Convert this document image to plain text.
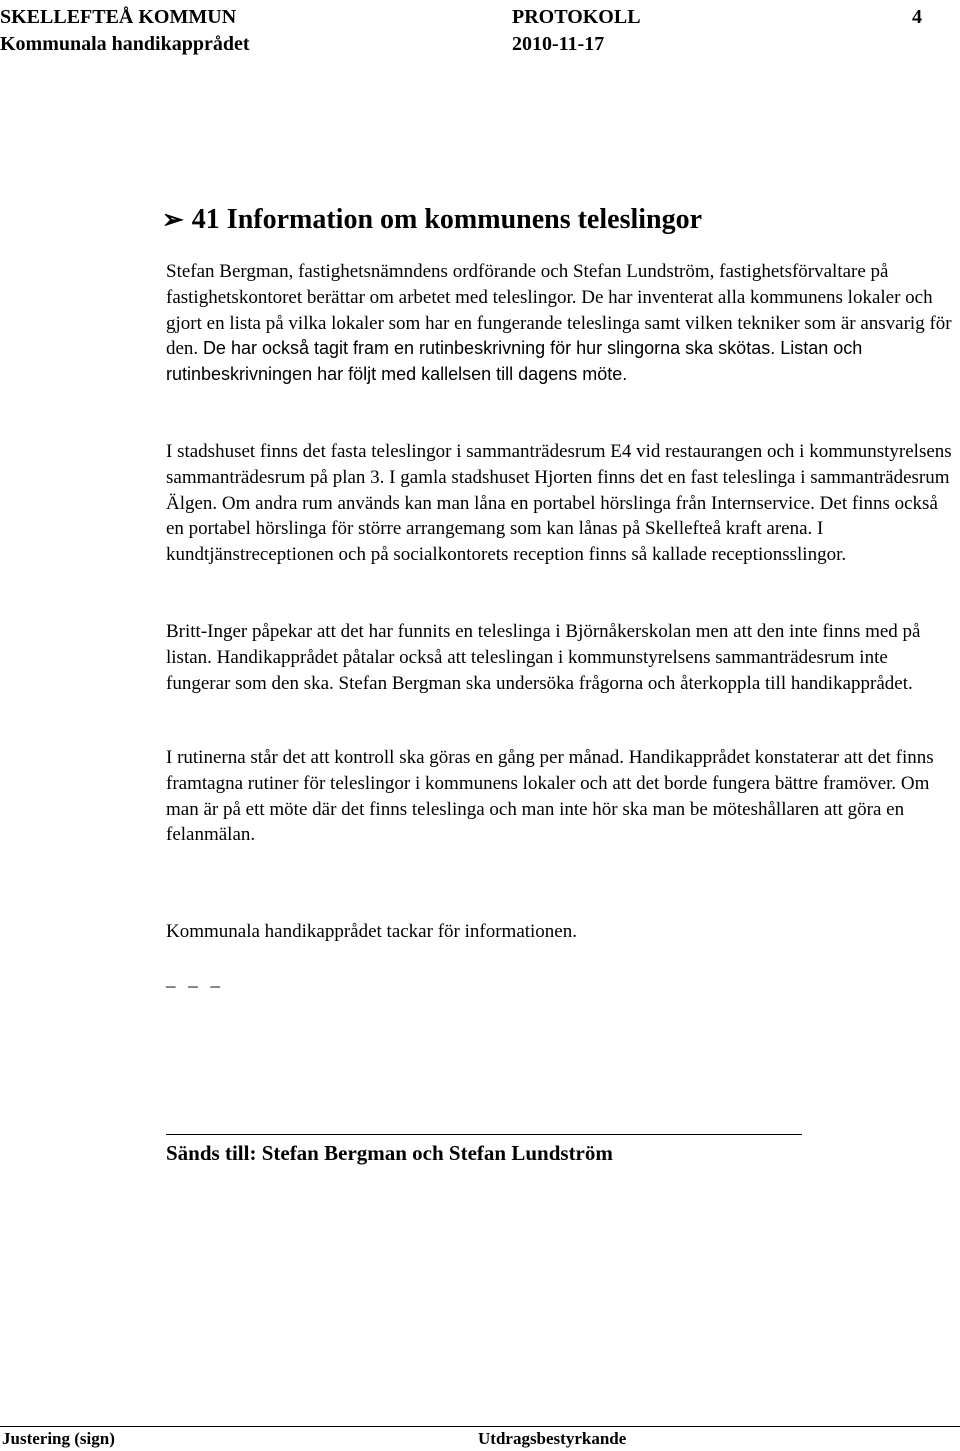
SKELLEFTEÅ KOMMUN	PROTOKOLL	4
Kommunala handikapprådet	2010-11-17
➢ 41 Information om kommunens teleslingor

Stefan Bergman, fastighetsnämndens ordförande och Stefan Lundström, fastighetsförvaltare på fastighetskontoret berättar om arbetet med teleslingor. De har inventerat alla kommunens lokaler och gjort en lista på vilka lokaler som har en fungerande teleslinga samt vilken tekniker som är ansvarig för den. De har också tagit fram en rutinbeskrivning för hur slingorna ska skötas. Listan och rutinbeskrivningen har följt med kallelsen till dagens möte.

I stadshuset finns det fasta teleslingor i sammanträdesrum E4 vid restaurangen och i kommunstyrelsens sammanträdesrum på plan 3. I gamla stadshuset Hjorten finns det en fast teleslinga i sammanträdesrum Älgen. Om andra rum används kan man låna en portabel hörslinga från Internservice. Det finns också en portabel hörslinga för större arrangemang som kan lånas på Skellefteå kraft arena. I kundtjänstreceptionen och på socialkontorets reception finns så kallade receptionsslingor.

Britt-Inger påpekar att det har funnits en teleslinga i Björnåkerskolan men att den inte finns med på listan. Handikapprådet påtalar också att teleslingan i kommunstyrelsens sammanträdesrum inte fungerar som den ska. Stefan Bergman ska undersöka frågorna och återkoppla till handikapprådet.

I rutinerna står det att kontroll ska göras en gång per månad. Handikapprådet konstaterar att det finns framtagna rutiner för teleslingor i kommunens lokaler och att det borde fungera bättre framöver. Om man är på ett möte där det finns teleslinga och man inte hör ska man be möteshållaren att göra en felanmälan.

Kommunala handikapprådet tackar för informationen.

_ _ _
Sänds till: Stefan Bergman och Stefan Lundström
Justering (sign)	Utdragsbestyrkande
